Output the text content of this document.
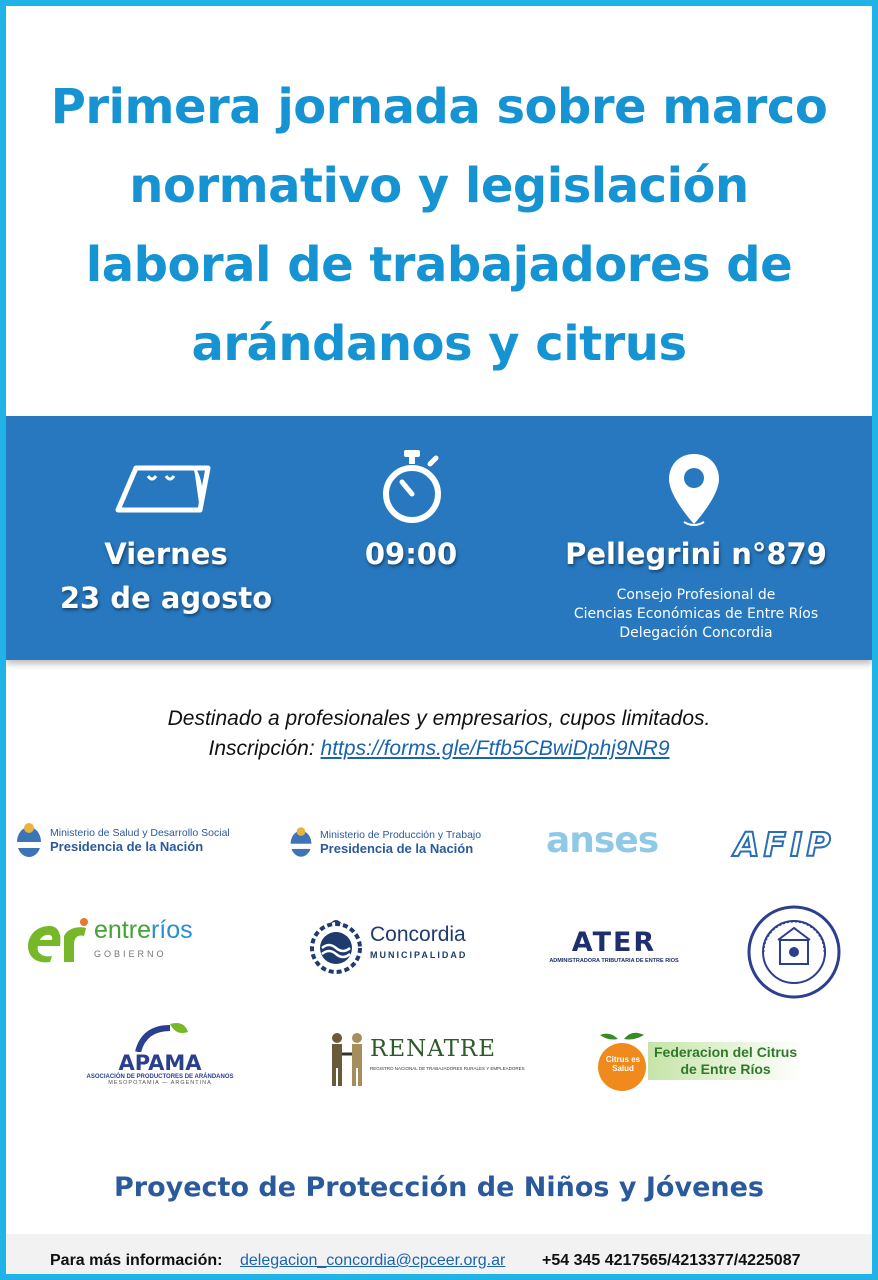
Primera jornada sobre marco
normativo y legislación
laboral de trabajadores de
arándanos y citrus
Viernes
23 de agosto
09:00	Pellegrini n°879
Consejo Profesional de
Ciencias Económicas de Entre Ríos
Delegación Concordia
Destinado a profesionales y empresarios, cupos limitados.
Inscripción: https://forms.gle/Ftfb5CBwiDphj9NR9
Ministerio de Salud y Desarrollo Social
Presidencia de la Nación
Ministerio de Producción y Trabajo
Presidencia de la Nación anses	AFIP
entreríos
GOBIERNO
Concordia
MUNICIPALIDAD	ATER
ADMINISTRADORA TRIBUTARIA DE ENTRE RIOS
APAMA
ASOCIACIÓN DE PRODUCTORES DE ARÁNDANOS
MESOPOTAMIA — ARGENTINA
RENATRE
REGISTRO NACIONAL DE TRABAJADORES RURALES Y EMPLEADORES
Citrus es Salud
Federacion del Citrus
de Entre Ríos
Proyecto de Protección de Niños y Jóvenes
Para más información: delegacion_concordia@cpceer.org.ar +54 345 4217565/4213377/4225087
